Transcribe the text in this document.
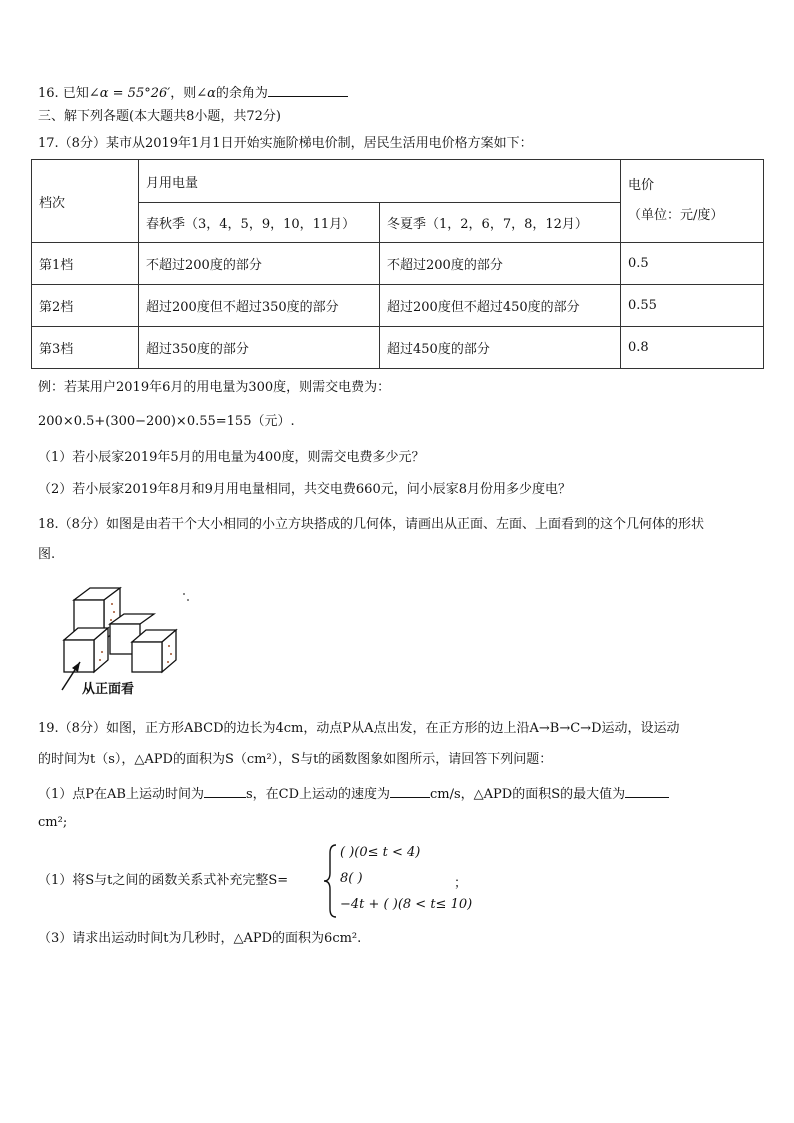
16. 已知∠α = 55°26′，则∠α的余角为
三、解下列各题(本大题共8小题，共72分)
17.（8分）某市从2019年1月1日开始实施阶梯电价制，居民生活用电价格方案如下：
档次	月用电量		电价
（单位：元/度）

	春秋季（3，4，5，9，10，11月）	冬夏季（1，2，6，7，8，12月）	
第1档	不超过200度的部分	不超过200度的部分	0.5
第2档	超过200度但不超过350度的部分	超过200度但不超过450度的部分	0.55
第3档	超过350度的部分	超过450度的部分	0.8
例：若某用户2019年6月的用电量为300度，则需交电费为：
200×0.5+(300−200)×0.55=155（元）.
（1）若小辰家2019年5月的用电量为400度，则需交电费多少元？
（2）若小辰家2019年8月和9月用电量相同，共交电费660元，问小辰家8月份用多少度电？
18.（8分）如图是由若干个大小相同的小立方块搭成的几何体，请画出从正面、左面、上面看到的这个几何体的形状
图.
从正面看
19.（8分）如图，正方形ABCD的边长为4cm，动点P从A点出发，在正方形的边上沿A→B→C→D运动，设运动
的时间为t（s），△APD的面积为S（cm²），S与t的函数图象如图所示，请回答下列问题：
（1）点P在AB上运动时间为	s，在CD上运动的速度为	cm/s，△APD的面积S的最大值为
cm²;
（1）将S与t之间的函数关系式补充完整S=
( )(0≤ t < 4)
8( )
−4t + ( )(8 < t≤ 10)
；
（3）请求出运动时间t为几秒时，△APD的面积为6cm².
